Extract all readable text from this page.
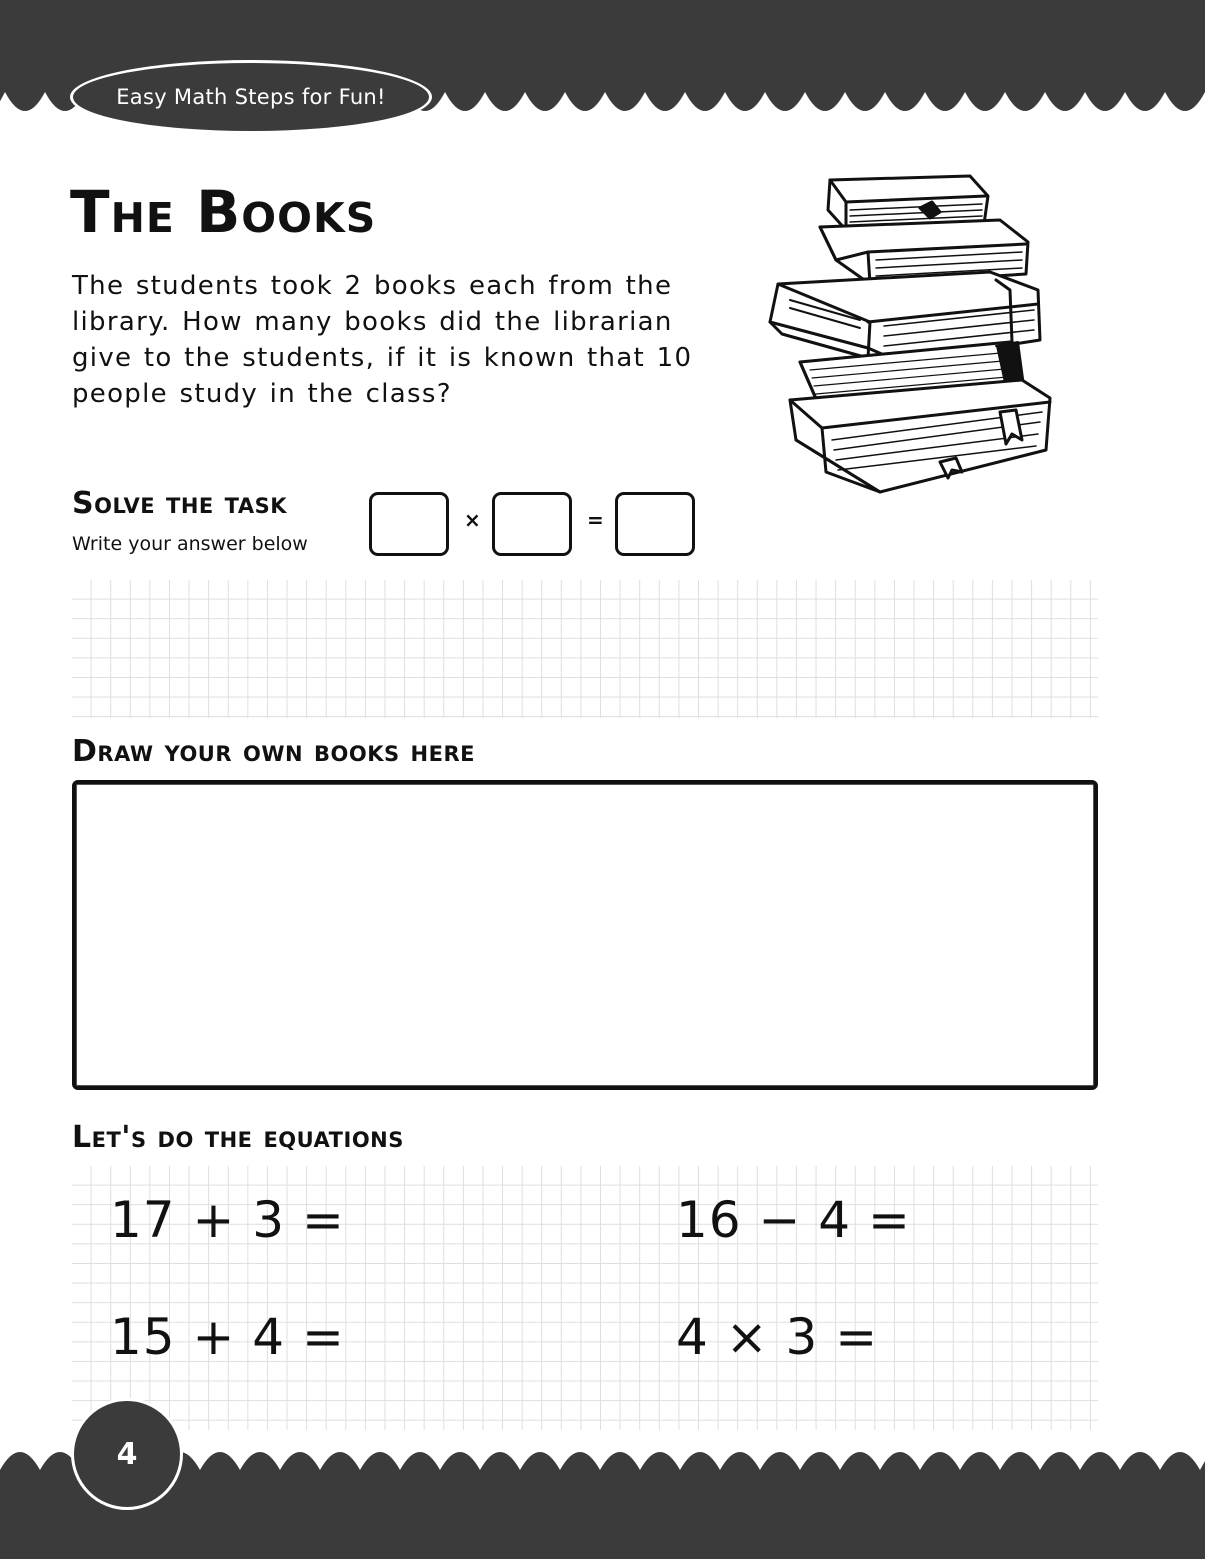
Easy Math Steps for Fun!
The Books

The students took 2 books each from the library. How many books did the librarian give to the students, if it is known that 10 people study in the class?

Solve the task

Write your answer below

×	=
Draw your own books here
Let's do the equations
17 + 3 =	16 − 4 =
15 + 4 =	4 × 3 =
4
